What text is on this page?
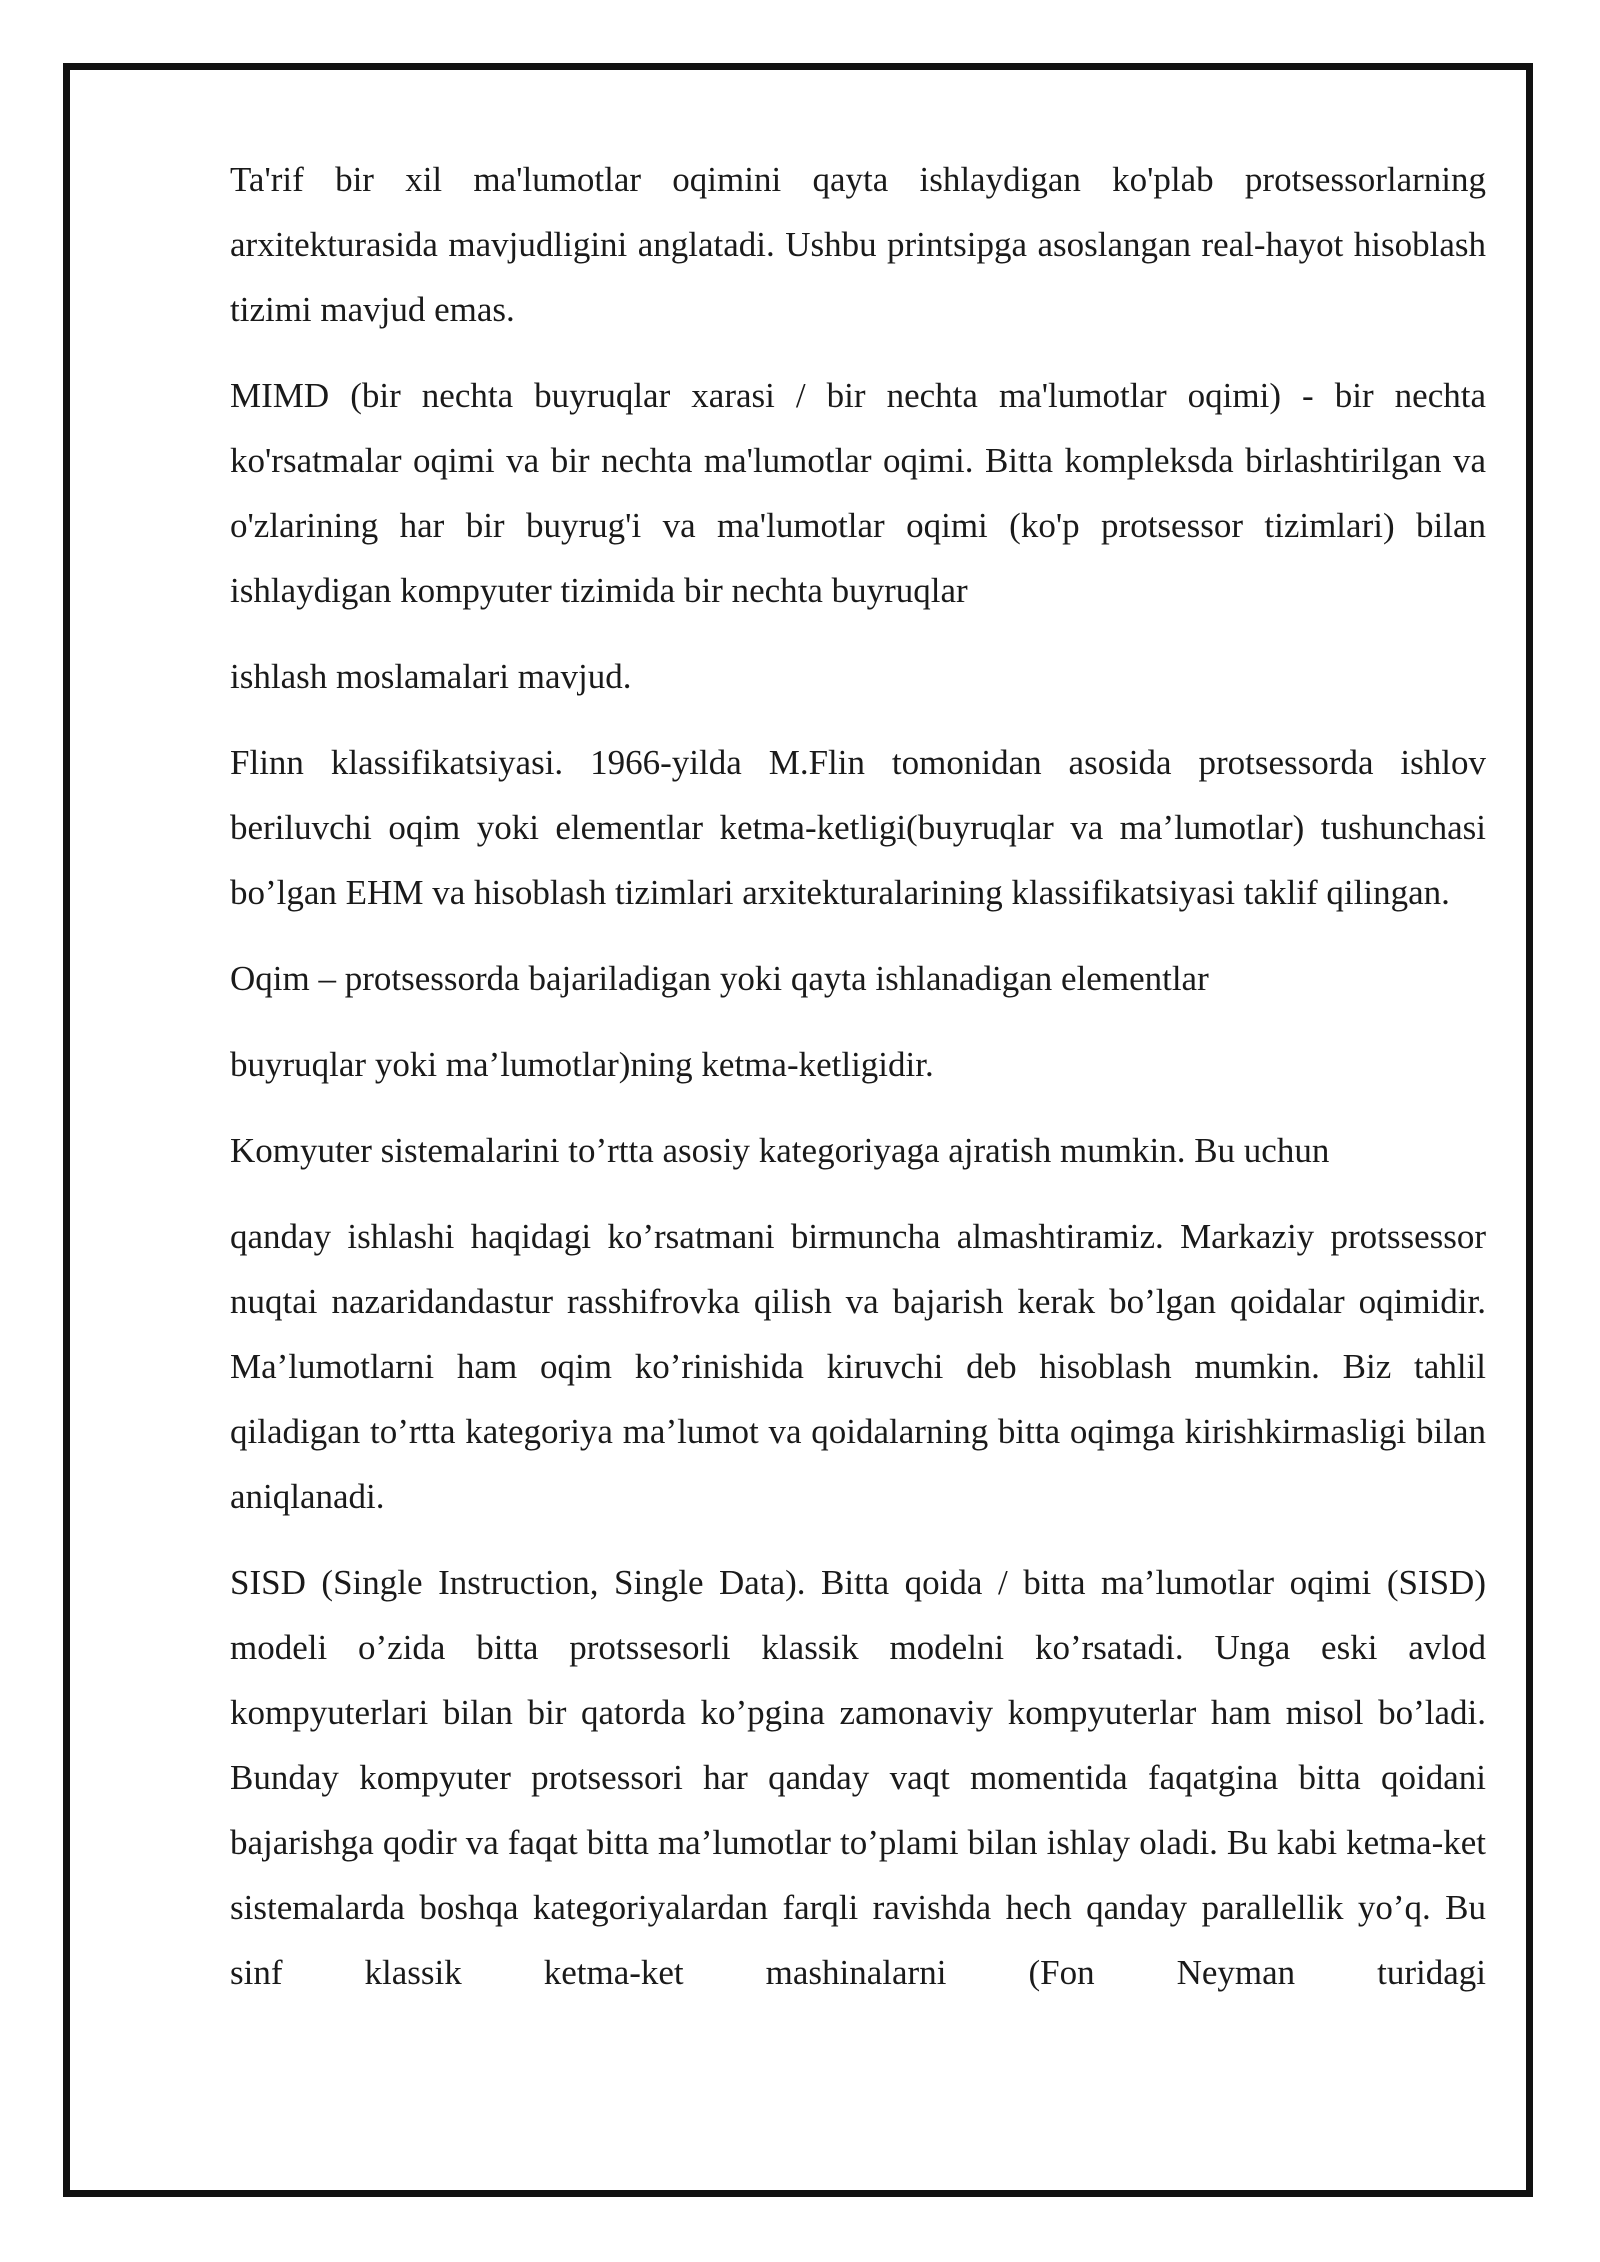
Ta'rif bir xil ma'lumotlar oqimini qayta ishlaydigan ko'plab protsessorlarning arxitekturasida mavjudligini anglatadi. Ushbu printsipga asoslangan real-hayot hisoblash tizimi mavjud emas.

MIMD (bir nechta buyruqlar xarasi / bir nechta ma'lumotlar oqimi) - bir nechta ko'rsatmalar oqimi va bir nechta ma'lumotlar oqimi. Bitta kompleksda birlashtirilgan va o'zlarining har bir buyrug'i va ma'lumotlar oqimi (ko'p protsessor tizimlari) bilan ishlaydigan kompyuter tizimida bir nechta buyruqlar

ishlash moslamalari mavjud.

Flinn klassifikatsiyasi. 1966-yilda M.Flin tomonidan asosida protsessorda ishlov beriluvchi oqim yoki elementlar ketma-ketligi(buyruqlar va ma’lumotlar) tushunchasi bo’lgan EHM va hisoblash tizimlari arxitekturalarining klassifikatsiyasi taklif qilingan.

Oqim – protsessorda bajariladigan yoki qayta ishlanadigan elementlar

buyruqlar yoki ma’lumotlar)ning ketma-ketligidir.

Komyuter sistemalarini to’rtta asosiy kategoriyaga ajratish mumkin. Bu uchun

qanday ishlashi haqidagi ko’rsatmani birmuncha almashtiramiz. Markaziy protssessor nuqtai nazaridandastur rasshifrovka qilish va bajarish kerak bo’lgan qoidalar oqimidir. Ma’lumotlarni ham oqim ko’rinishida kiruvchi deb hisoblash mumkin. Biz tahlil qiladigan to’rtta kategoriya ma’lumot va qoidalarning bitta oqimga kirishkirmasligi bilan aniqlanadi.

SISD (Single Instruction, Single Data). Bitta qoida / bitta ma’lumotlar oqimi (SISD) modeli o’zida bitta protssesorli klassik modelni ko’rsatadi. Unga eski avlod kompyuterlari bilan bir qatorda ko’pgina zamonaviy kompyuterlar ham misol bo’ladi. Bunday kompyuter protsessori har qanday vaqt momentida faqatgina bitta qoidani bajarishga qodir va faqat bitta ma’lumotlar to’plami bilan ishlay oladi. Bu kabi ketma-ket sistemalarda boshqa kategoriyalardan farqli ravishda hech qanday parallellik yo’q. Bu sinf klassik ketma-ket mashinalarni (Fon Neyman turidagi
